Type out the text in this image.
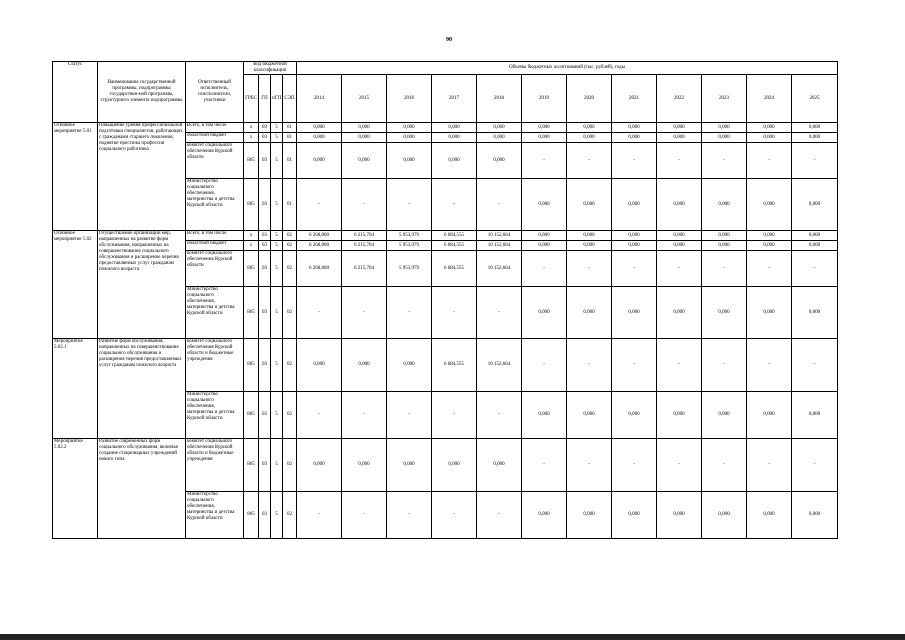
90
Статус	Наименование государственной программы, подпрограммы государствен-ной программы, структурного элемента подпрограммы	Ответственный исполнитель, соисполнители, участники	Код бюджетной классификации				Объемы бюджетных ассигнований (тыс. рублей), годы											
			ГРБС	ГП	пГП	СЭП	2014	2015	2016	2017	2018	2019	2020	2021	2022	2023	2024	2025
Основное мероприятие 5.01	Повышение уровня профессиональной подготовки специалистов, работающих с гражданами старшего поколения, поднятие престижа профессии социального работника	Всего, в том числе	x	03	5	01	0,000	0,000	0,000	0,000	0,000	0,000	0,000	0,000	0,000	0,000	0,000	0,000
		областной бюджет	x	03	5	01	0,000	0,000	0,000	0,000	0,000	0,000	0,000	0,000	0,000	0,000	0,000	0,000
		комитет социального обеспечения Курской области	805	03	5	01	0,000	0,000	0,000	0,000	0,000	-	-	-	-	-	-	-
		Министерство социального обеспечения, материнства и детства Курской области	805	03	5	01	-	-	-	-	-	0,000	0,000	0,000	0,000	0,000	0,000	0,000
Основное мероприятие 5.02	Осуществление организации мер, направленных на развитие форм обслуживания, направленных на совершенствование социального обслуживания и расширение перечня предоставляемых услуг гражданам пожилого возраста	Всего, в том числе	x	03	5	02	6 268,800	6 215,704	5 953,979	6 684,555	10 152,664	0,000	0,000	0,000	0,000	0,000	0,000	0,000
		областной бюджет	x	03	5	02	6 268,800	6 215,704	5 953,979	6 684,555	10 152,664	0,000	0,000	0,000	0,000	0,000	0,000	0,000
		комитет социального обеспечения Курской области	805	03	5	02	6 268,800	6 215,704	5 953,979	6 684,555	10 152,664	-	-	-	-	-	-	-
		Министерство социального обеспечения, материнства и детства Курской области	805	03	5	02	-	-	-	-	-	0,000	0,000	0,000	0,000	0,000	0,000	0,000
Мероприятие 5.02.1	Развитие форм обслуживания, направленных на совершенствование социального обслуживания и расширение перечня предоставляемых услуг гражданам пожилого возраста	комитет социального обеспечения Курской области и бюджетные учреждения	805	03	5	02	0,000	0,000	0,000	6 684,555	10 152,664	-	-	-	-	-	-	-
		Министерство социального обеспечения, материнства и детства Курской области	805	03	5	02	-	-	-	-	-	0,000	0,000	0,000	0,000	0,000	0,000	0,000
Мероприятие 5.02.2	Развитие современных форм социального обслуживания, включая создание стационарных учреждений нового типа	комитет социального обеспечения Курской области и бюджетные учреждения	805	03	5	02	0,000	0,000	0,000	0,000	0,000	-	-	-	-	-	-	-
		Министерство социального обеспечения, материнства и детства Курской области	805	03	5	02	-	-	-	-	-	0,000	0,000	0,000	0,000	0,000	0,000	0,000
